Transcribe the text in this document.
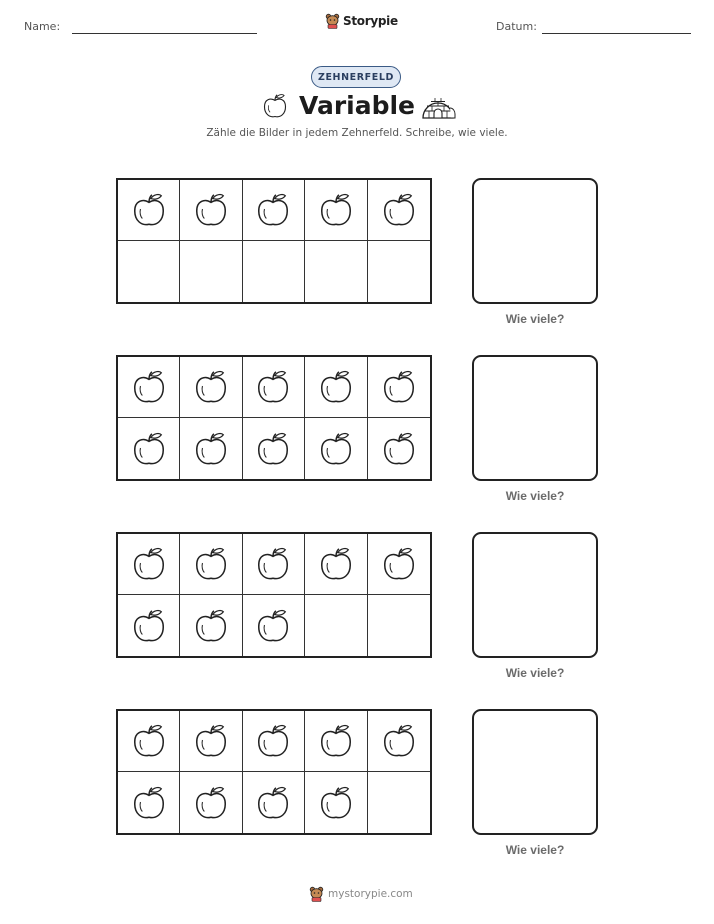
Name:	Storypie	Datum:
ZEHNERFELD
Variable
Zähle die Bilder in jedem Zehnerfeld. Schreibe, wie viele.
Wie viele?
Wie viele?
Wie viele?
Wie viele?
mystorypie.com
